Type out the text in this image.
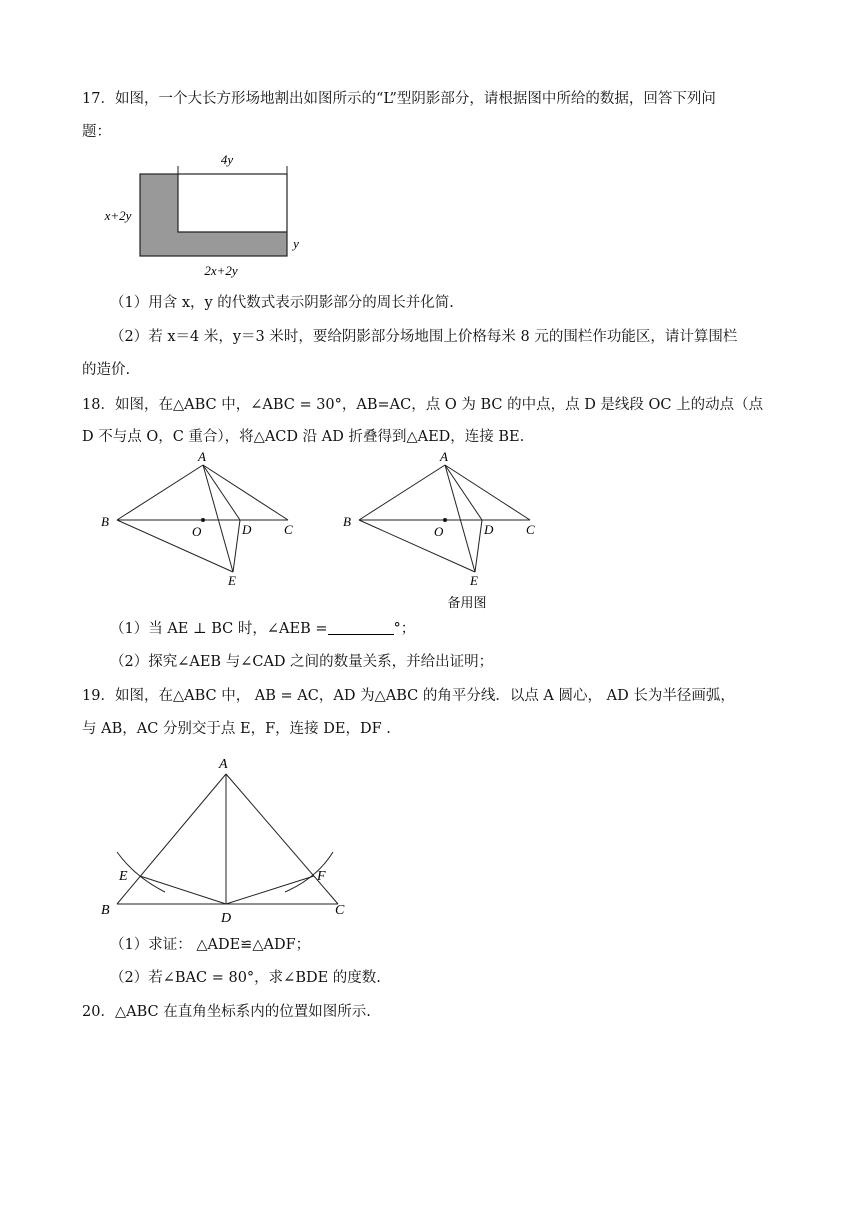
17．如图，一个大长方形场地割出如图所示的“L”型阴影部分，请根据图中所给的数据，回答下列问
题：
4y
x+2y
y
2x+2y
（1）用含 x，y 的代数式表示阴影部分的周长并化简.
（2）若 x＝4 米，y＝3 米时，要给阴影部分场地围上价格每米 8 元的围栏作功能区，请计算围栏
的造价.
18．如图，在△ABC 中，∠ABC = 30°，AB=AC，点 O 为 BC 的中点，点 D 是线段 OC 上的动点（点
D 不与点 O，C 重合），将△ACD 沿 AD 折叠得到△AED，连接 BE.
A
B
O	D	C
E
A
B
O	D	C
E
备用图
（1）当 AE ⊥ BC 时，∠AEB =	°；
（2）探究∠AEB 与∠CAD 之间的数量关系，并给出证明；
19．如图，在△ABC 中， AB = AC，AD 为△ABC 的角平分线．以点 A 圆心， AD 长为半径画弧，
与 AB，AC 分别交于点 E，F，连接 DE，DF .
A
B
D
C
E	F
（1）求证： △ADE≌△ADF；
（2）若∠BAC = 80°，求∠BDE 的度数.
20．△ABC 在直角坐标系内的位置如图所示.
